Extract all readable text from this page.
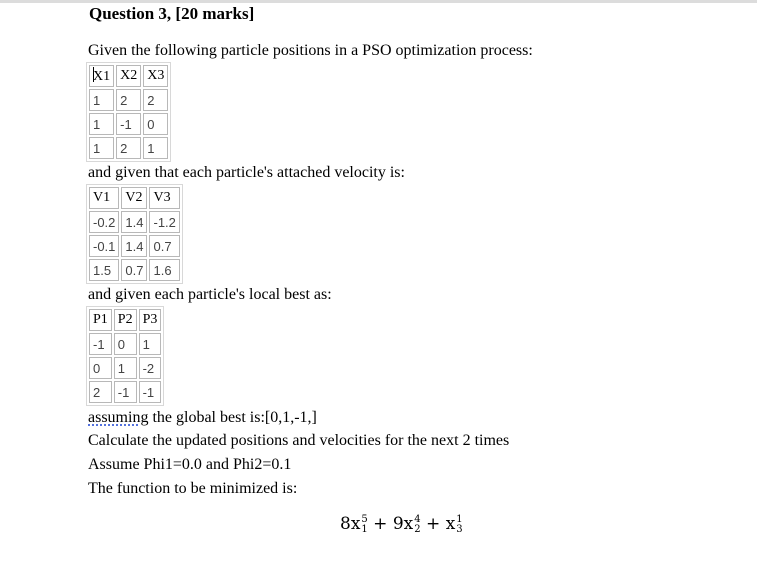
Question 3, [20 marks]
Given the following particle positions in a PSO optimization process:
X1	X2	X3
1	2	2
1	-1	0
1	2	1
and given that each particle's attached velocity is:
V1	V2	V3
-0.2	1.4	-1.2
-0.1	1.4	0.7
1.5	0.7	1.6
and given each particle's local best as:
P1	P2	P3
-1	0	1
0	1	-2
2	-1	-1
assuming the global best is:[0,1,-1,]
Calculate the updated positions and velocities for the next 2 times
Assume Phi1=0.0 and Phi2=0.1
The function to be minimized is:
8x 5
1 + 9x 4
2 + x 1
3
